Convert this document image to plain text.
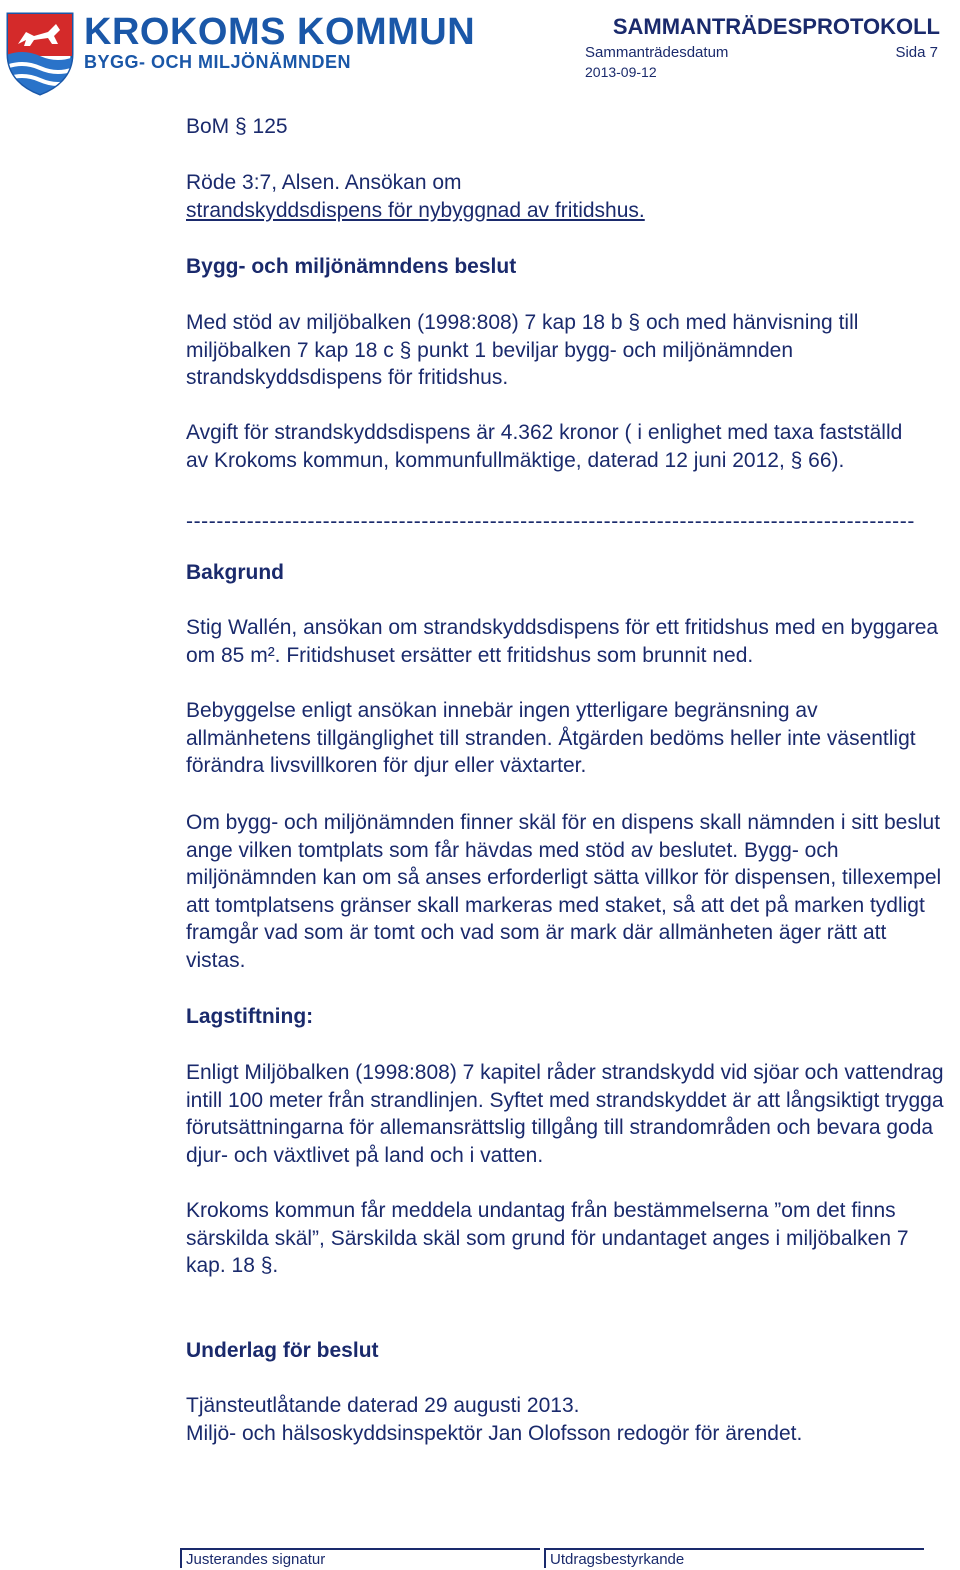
KROKOMS KOMMUN
BYGG- OCH MILJÖNÄMNDEN
SAMMANTRÄDESPROTOKOLL
Sammanträdesdatum	Sida 7
2013-09-12

BoM § 125

Röde 3:7, Alsen. Ansökan om

strandskyddsdispens för nybyggnad av fritidshus.

Bygg- och miljönämndens beslut
Med stöd av miljöbalken (1998:808) 7 kap 18 b § och med hänvisning till miljöbalken 7 kap 18 c § punkt 1 beviljar bygg- och miljönämnden strandskyddsdispens för fritidshus.
Avgift för strandskyddsdispens är 4.362 kronor ( i enlighet med taxa fastställd av Krokoms kommun, kommunfullmäktige, daterad 12 juni 2012, § 66).
------------------------------------------------------------------------------------------------
Bakgrund
Stig Wallén, ansökan om strandskyddsdispens för ett fritidshus med en byggarea om 85 m². Fritidshuset ersätter ett fritidshus som brunnit ned.
Bebyggelse enligt ansökan innebär ingen ytterligare begränsning av allmänhetens tillgänglighet till stranden. Åtgärden bedöms heller inte väsentligt förändra livsvillkoren för djur eller växtarter.
Om bygg- och miljönämnden finner skäl för en dispens skall nämnden i sitt beslut ange vilken tomtplats som får hävdas med stöd av beslutet. Bygg- och miljönämnden kan om så anses erforderligt sätta villkor för dispensen, tillexempel att tomtplatsens gränser skall markeras med staket, så att det på marken tydligt framgår vad som är tomt och vad som är mark där allmänheten äger rätt att vistas.
Lagstiftning:
Enligt Miljöbalken (1998:808) 7 kapitel råder strandskydd vid sjöar och vattendrag intill 100 meter från strandlinjen. Syftet med strandskyddet är att långsiktigt trygga förutsättningarna för allemansrättslig tillgång till strandområden och bevara goda djur- och växtlivet på land och i vatten.
Krokoms kommun får meddela undantag från bestämmelserna ”om det finns särskilda skäl”, Särskilda skäl som grund för undantaget anges i miljöbalken 7 kap. 18 §.
Underlag för beslut

Tjänsteutlåtande daterad 29 augusti 2013.

Miljö- och hälsoskyddsinspektör Jan Olofsson redogör för ärendet.

Justerandes signatur	Utdragsbestyrkande
